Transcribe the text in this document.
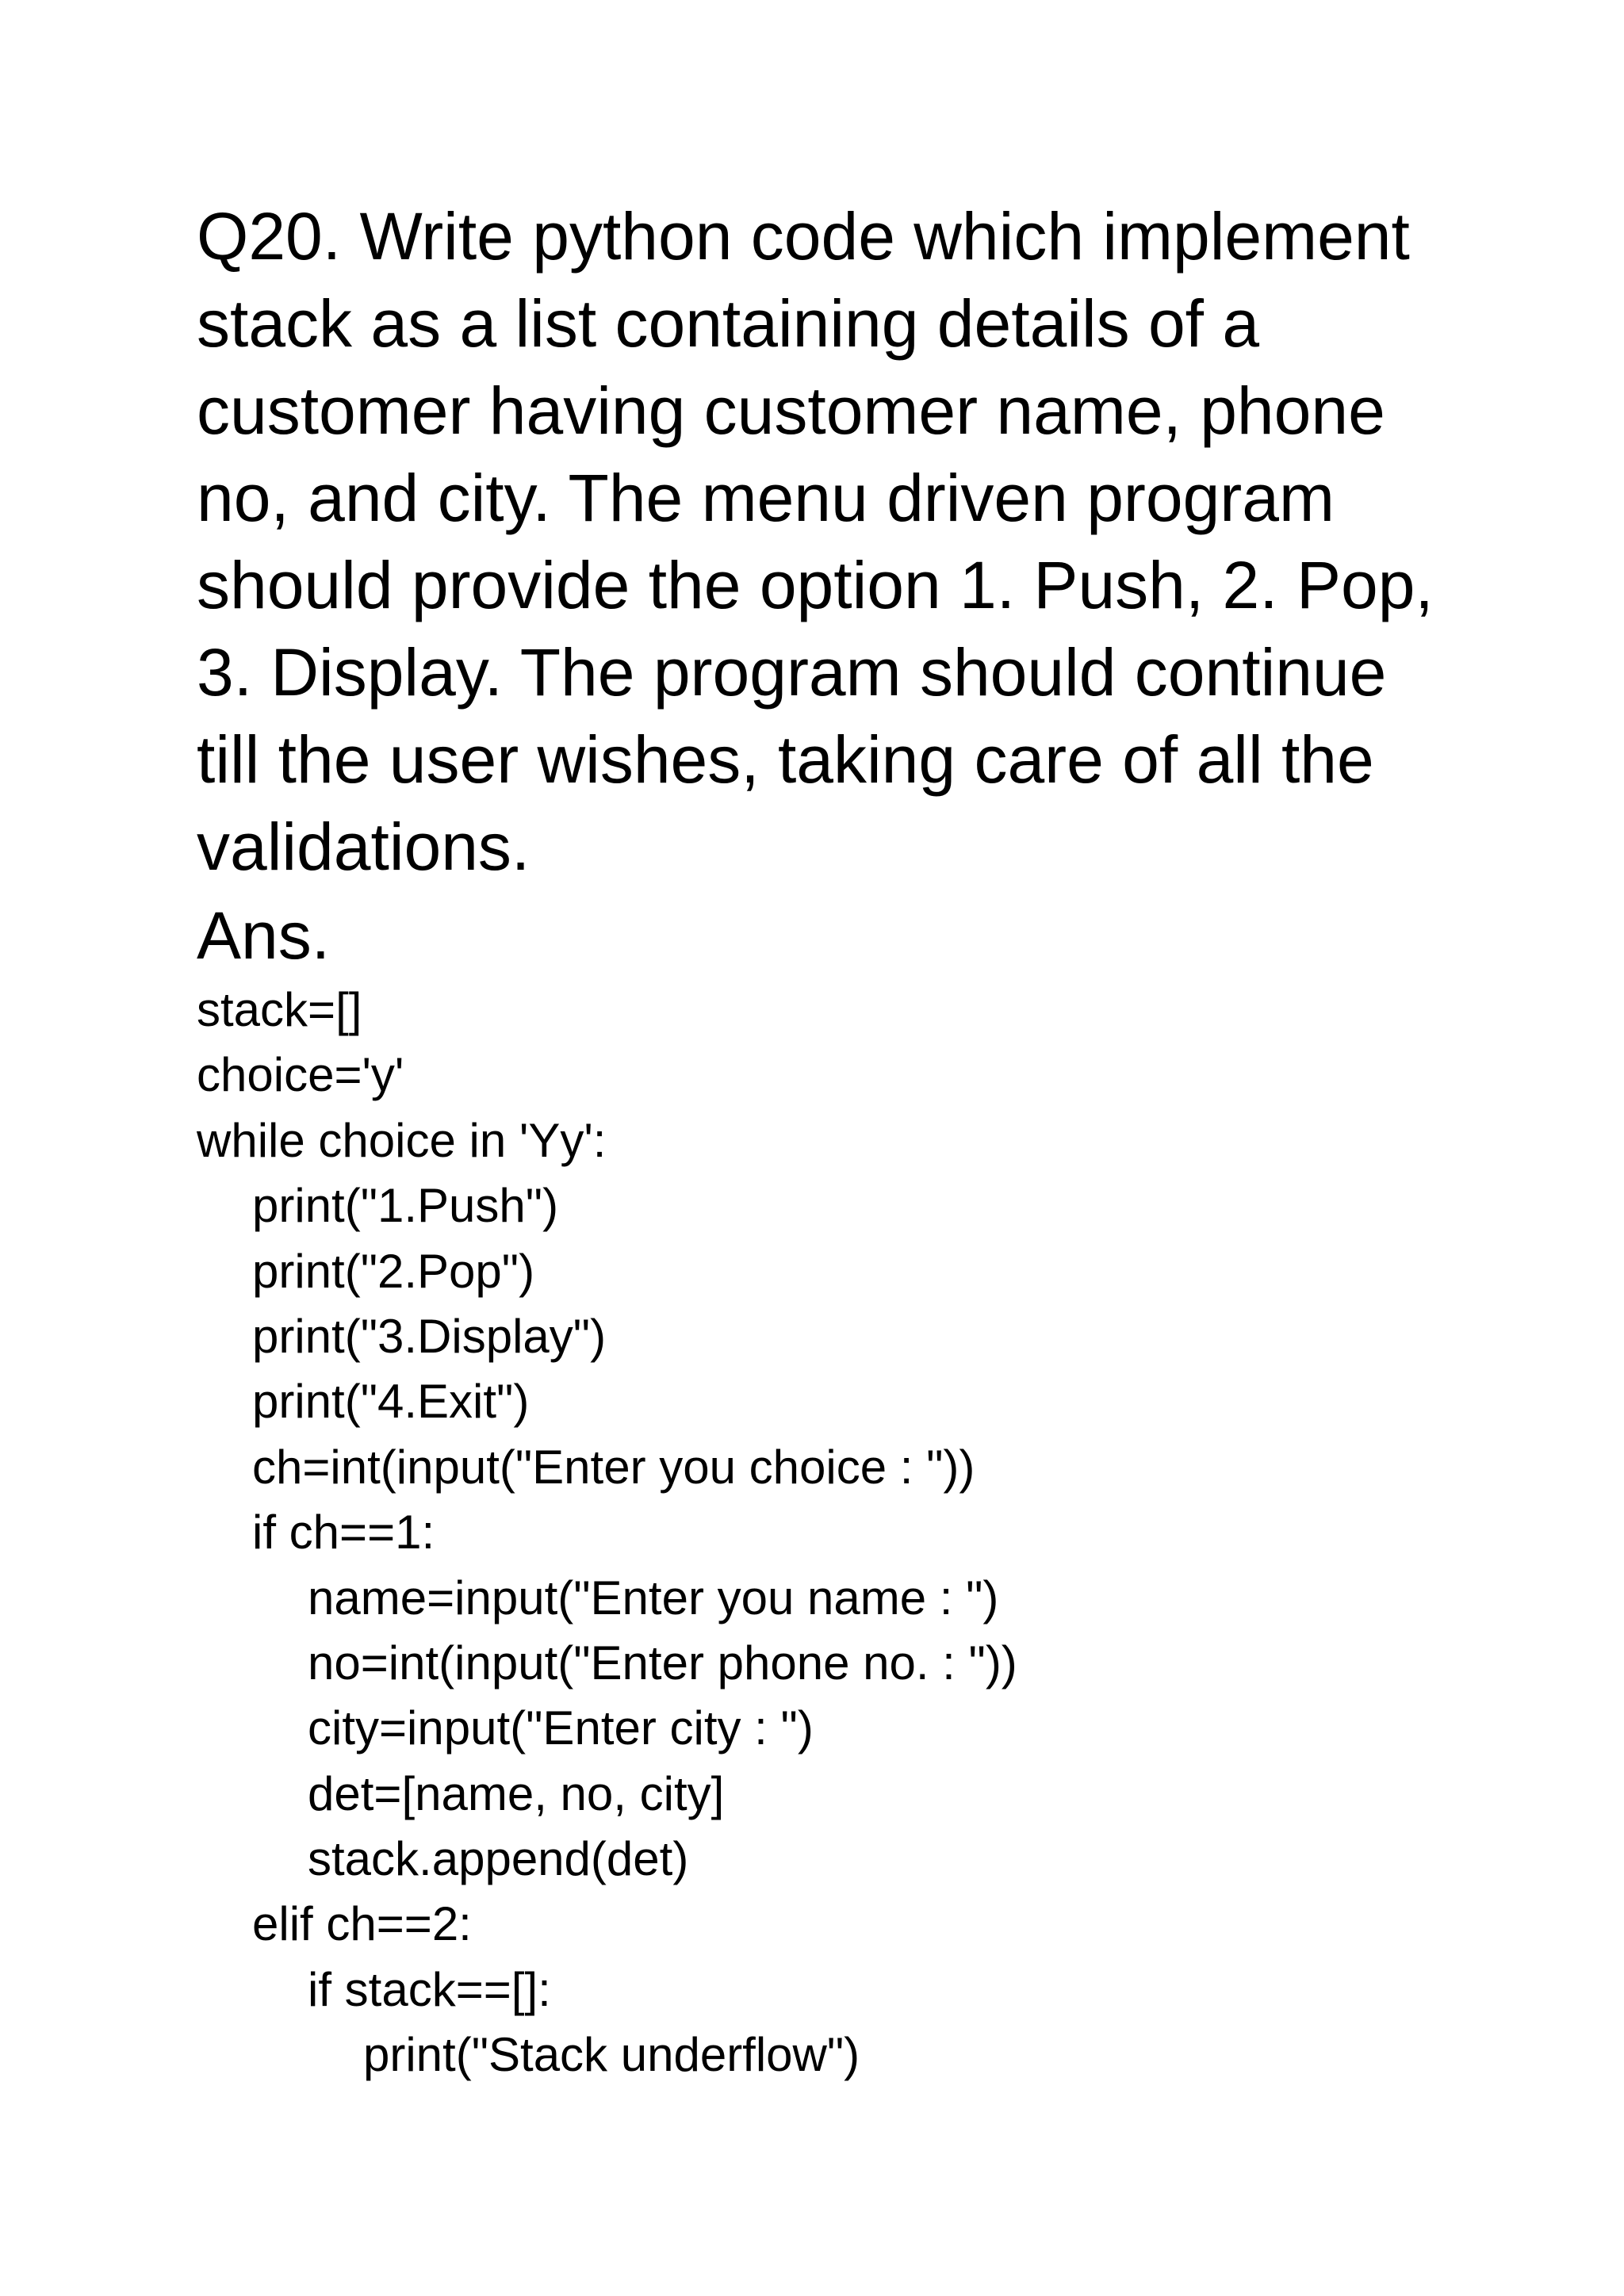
Q20. Write python code which implement
stack as a list containing details of a
customer having customer name, phone
no, and city. The menu driven program
should provide the option 1. Push, 2. Pop,
3. Display. The program should continue
till the user wishes, taking care of all the
validations.
Ans.
stack=[]
choice='y'
while choice in 'Yy':
print("1.Push")
print("2.Pop")
print("3.Display")
print("4.Exit")
ch=int(input("Enter you choice : "))
if ch==1:
name=input("Enter you name : ")
no=int(input("Enter phone no. : "))
city=input("Enter city : ")
det=[name, no, city]
stack.append(det)
elif ch==2:
if stack==[]:
print("Stack underflow")
